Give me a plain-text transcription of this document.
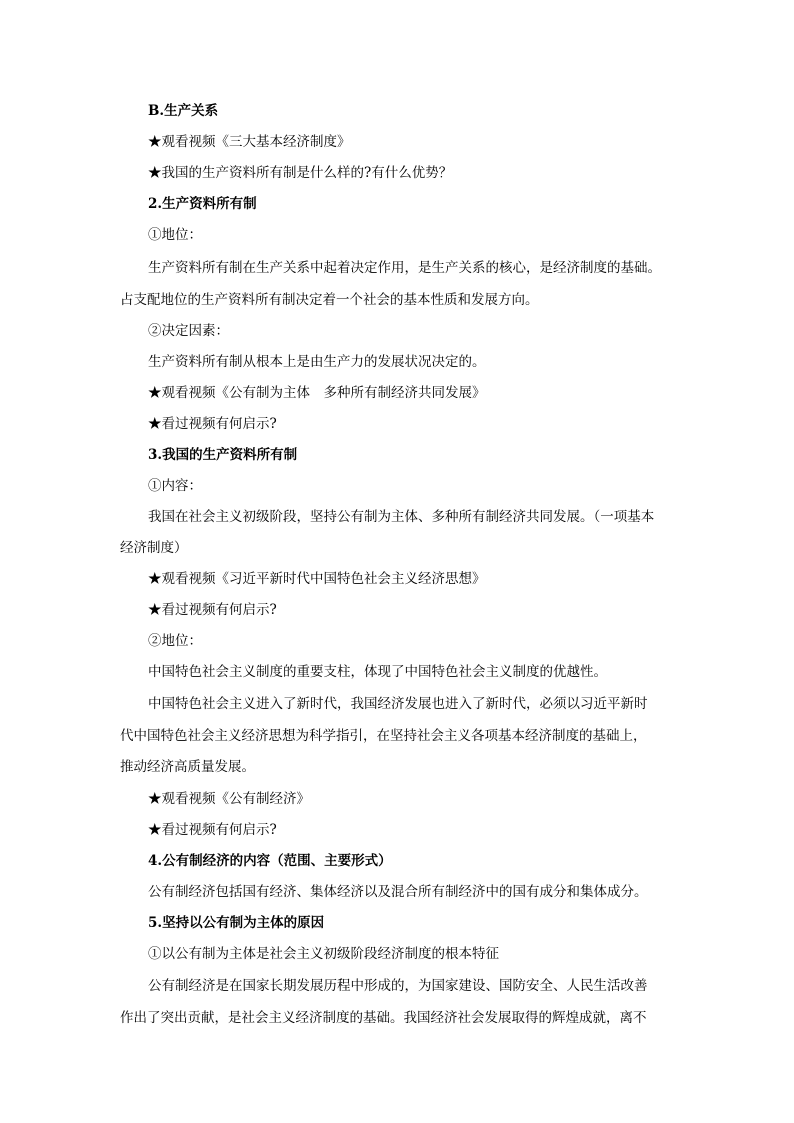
B.生产关系
★观看视频《三大基本经济制度》
★我国的生产资料所有制是什么样的?有什么优势？
2.生产资料所有制
①地位：
生产资料所有制在生产关系中起着决定作用，是生产关系的核心，是经济制度的基础。
占支配地位的生产资料所有制决定着一个社会的基本性质和发展方向。
②决定因素：
生产资料所有制从根本上是由生产力的发展状况决定的。
★观看视频《公有制为主体　多种所有制经济共同发展》
★看过视频有何启示?
3.我国的生产资料所有制
①内容：
我国在社会主义初级阶段，坚持公有制为主体、多种所有制经济共同发展。（一项基本
经济制度）
★观看视频《习近平新时代中国特色社会主义经济思想》
★看过视频有何启示?
②地位：
中国特色社会主义制度的重要支柱，体现了中国特色社会主义制度的优越性。
中国特色社会主义进入了新时代，我国经济发展也进入了新时代，必须以习近平新时
代中国特色社会主义经济思想为科学指引，在坚持社会主义各项基本经济制度的基础上，
推动经济高质量发展。
★观看视频《公有制经济》
★看过视频有何启示?
4.公有制经济的内容（范围、主要形式）
公有制经济包括国有经济、集体经济以及混合所有制经济中的国有成分和集体成分。
5.坚持以公有制为主体的原因
①以公有制为主体是社会主义初级阶段经济制度的根本特征
公有制经济是在国家长期发展历程中形成的，为国家建设、国防安全、人民生活改善
作出了突出贡献，是社会主义经济制度的基础。我国经济社会发展取得的辉煌成就，离不
